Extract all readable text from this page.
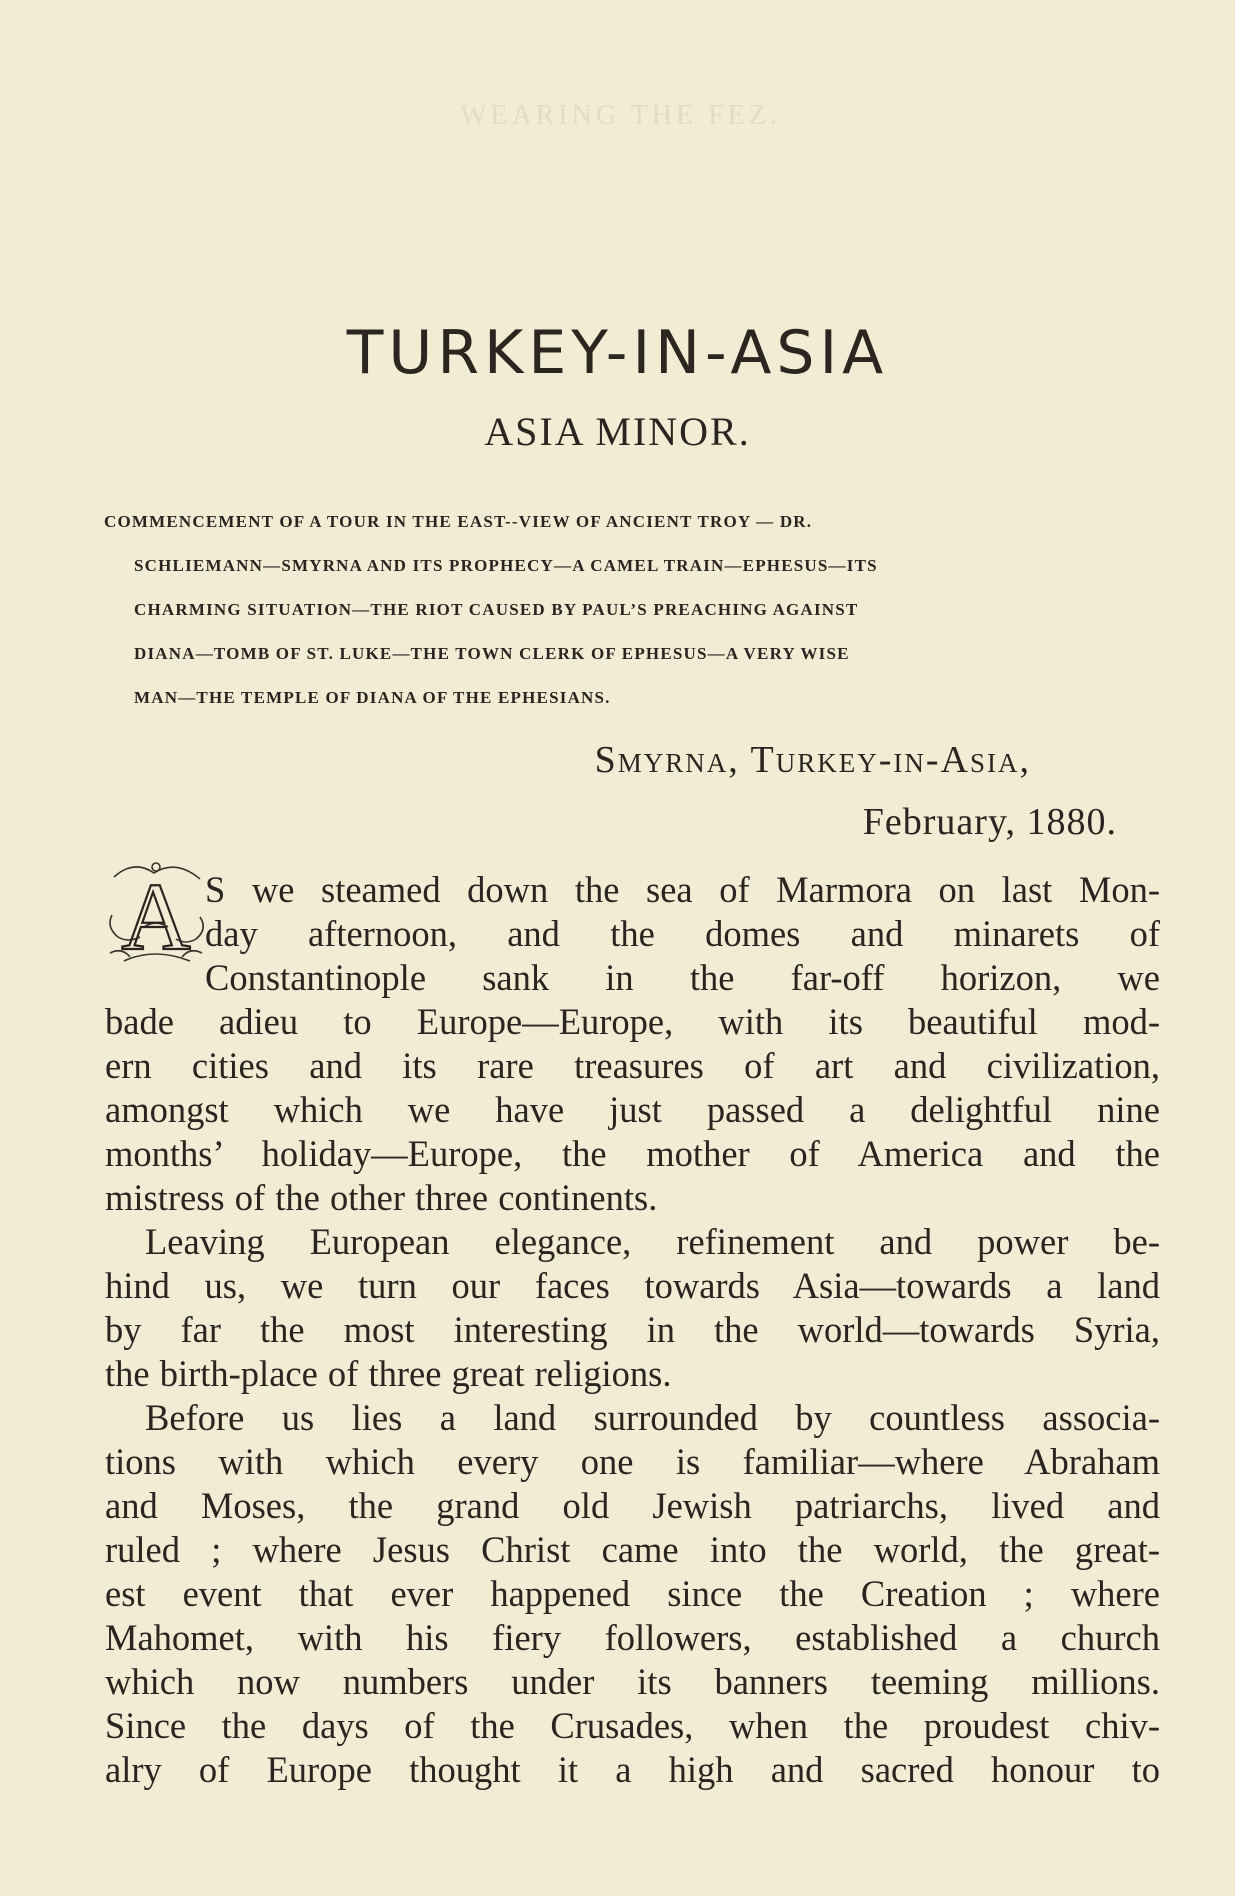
WEARING THE FEZ.
TURKEY-IN-ASIA
ASIA MINOR.
COMMENCEMENT OF A TOUR IN THE EAST--VIEW OF ANCIENT TROY — DR.
SCHLIEMANN—SMYRNA AND ITS PROPHECY—A CAMEL TRAIN—EPHESUS—ITS
CHARMING SITUATION—THE RIOT CAUSED BY PAUL’S PREACHING AGAINST
DIANA—TOMB OF ST. LUKE—THE TOWN CLERK OF EPHESUS—A VERY WISE
MAN—THE TEMPLE OF DIANA OF THE EPHESIANS.
Smyrna, Turkey-in-Asia,
February, 1880.
A S we steamed down the sea of Marmora on last Mon-
day afternoon, and the domes and minarets of
Constantinople sank in the far-off horizon, we
bade adieu to Europe—Europe, with its beautiful mod-
ern cities and its rare treasures of art and civilization,
amongst which we have just passed a delightful nine
months’ holiday—Europe, the mother of America and the
mistress of the other three continents.
Leaving European elegance, refinement and power be-
hind us, we turn our faces towards Asia—towards a land
by far the most interesting in the world—towards Syria,
the birth-place of three great religions.
Before us lies a land surrounded by countless associa-
tions with which every one is familiar—where Abraham
and Moses, the grand old Jewish patriarchs, lived and
ruled ; where Jesus Christ came into the world, the great-
est event that ever happened since the Creation ; where
Mahomet, with his fiery followers, established a church
which now numbers under its banners teeming millions.
Since the days of the Crusades, when the proudest chiv-
alry of Europe thought it a high and sacred honour to
